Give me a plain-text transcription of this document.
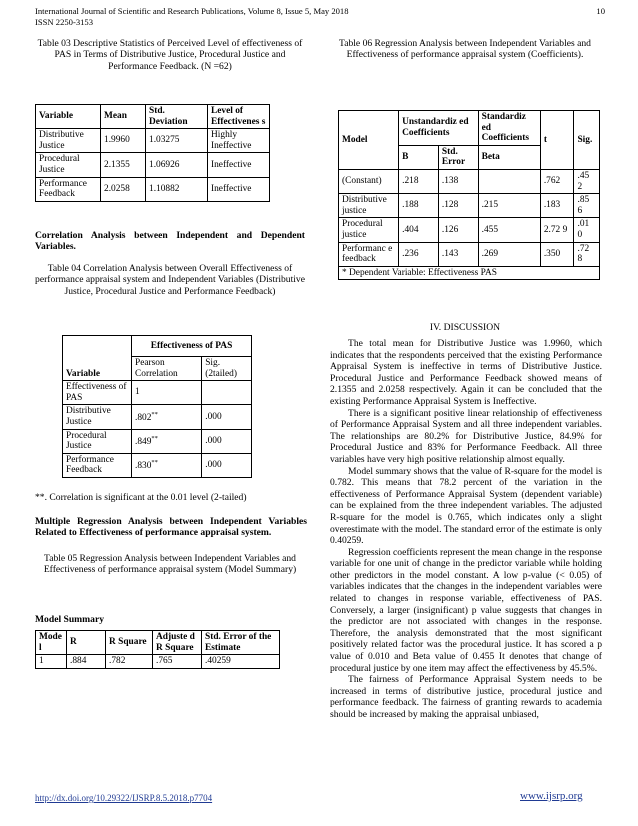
International Journal of Scientific and Research Publications, Volume 8, Issue 5, May 2018
ISSN 2250-3153
10
Table 03 Descriptive Statistics of Perceived Level of effectiveness of PAS in Terms of Distributive Justice, Procedural Justice and Performance Feedback. (N =62)
Variable	Mean	Std. Deviation	Level of Effectivenes s
Distributive Justice	1.9960	1.03275	Highly Ineffective
Procedural Justice	2.1355	1.06926	Ineffective
Performance Feedback	2.0258	1.10882	Ineffective
Correlation Analysis between Independent and Dependent Variables.
Table 04 Correlation Analysis between Overall Effectiveness of performance appraisal system and Independent Variables (Distributive Justice, Procedural Justice and Performance Feedback)
Variable	Effectiveness of PAS	
	Pearson Correlation	Sig. (2tailed)
Effectiveness of PAS	1	
Distributive Justice	.802**	.000
Procedural Justice	.849**	.000
Performance Feedback	.830**	.000
**. Correlation is significant at the 0.01 level (2-tailed)
Multiple Regression Analysis between Independent Variables Related to Effectiveness of performance appraisal system.
Table 05 Regression Analysis between Independent Variables and Effectiveness of performance appraisal system (Model Summary)
Model Summary
Mode l	R	R Square	Adjuste d R Square	Std. Error of the Estimate
1	.884	.782	.765	.40259
Table 06 Regression Analysis between Independent Variables and Effectiveness of performance appraisal system (Coefficients).
Model	Unstandardiz ed Coefficients		Standardiz ed Coefficients	t	Sig.
	B	Std. Error	Beta		
(Constant)	.218	.138		.762	.45 2
Distributive justice	.188	.128	.215	.183	.85 6
Procedural justice	.404	.126	.455	2.72 9	.01 0
Performanc e feedback	.236	.143	.269	.350	.72 8
* Dependent Variable: Effectiveness PAS					
IV. DISCUSSION

The total mean for Distributive Justice was 1.9960, which indicates that the respondents perceived that the existing Performance Appraisal System is ineffective in terms of Distributive Justice. Procedural Justice and Performance Feedback showed means of 2.1355 and 2.0258 respectively. Again it can be concluded that the existing Performance Appraisal System is Ineffective.

There is a significant positive linear relationship of effectiveness of Performance Appraisal System and all three independent variables. The relationships are 80.2% for Distributive Justice, 84.9% for Procedural Justice and 83% for Performance Feedback. All three variables have very high positive relationship almost equally.

Model summary shows that the value of R-square for the model is 0.782. This means that 78.2 percent of the variation in the effectiveness of Performance Appraisal System (dependent variable) can be explained from the three independent variables. The adjusted R-square for the model is 0.765, which indicates only a slight overestimate with the model. The standard error of the estimate is only 0.40259.

Regression coefficients represent the mean change in the response variable for one unit of change in the predictor variable while holding other predictors in the model constant. A low p-value (< 0.05) of variables indicates that the changes in the independent variables were related to changes in response variable, effectiveness of PAS. Conversely, a larger (insignificant) p value suggests that changes in the predictor are not associated with changes in the response. Therefore, the analysis demonstrated that the most significant positively related factor was the procedural justice. It has scored a p value of 0.010 and Beta value of 0.455 It denotes that change of procedural justice by one item may affect the effectiveness by 45.5%.

The fairness of Performance Appraisal System needs to be increased in terms of distributive justice, procedural justice and performance feedback. The fairness of granting rewards to academia should be increased by making the appraisal unbiased,

http://dx.doi.org/10.29322/IJSRP.8.5.2018.p7704	www.ijsrp.org
